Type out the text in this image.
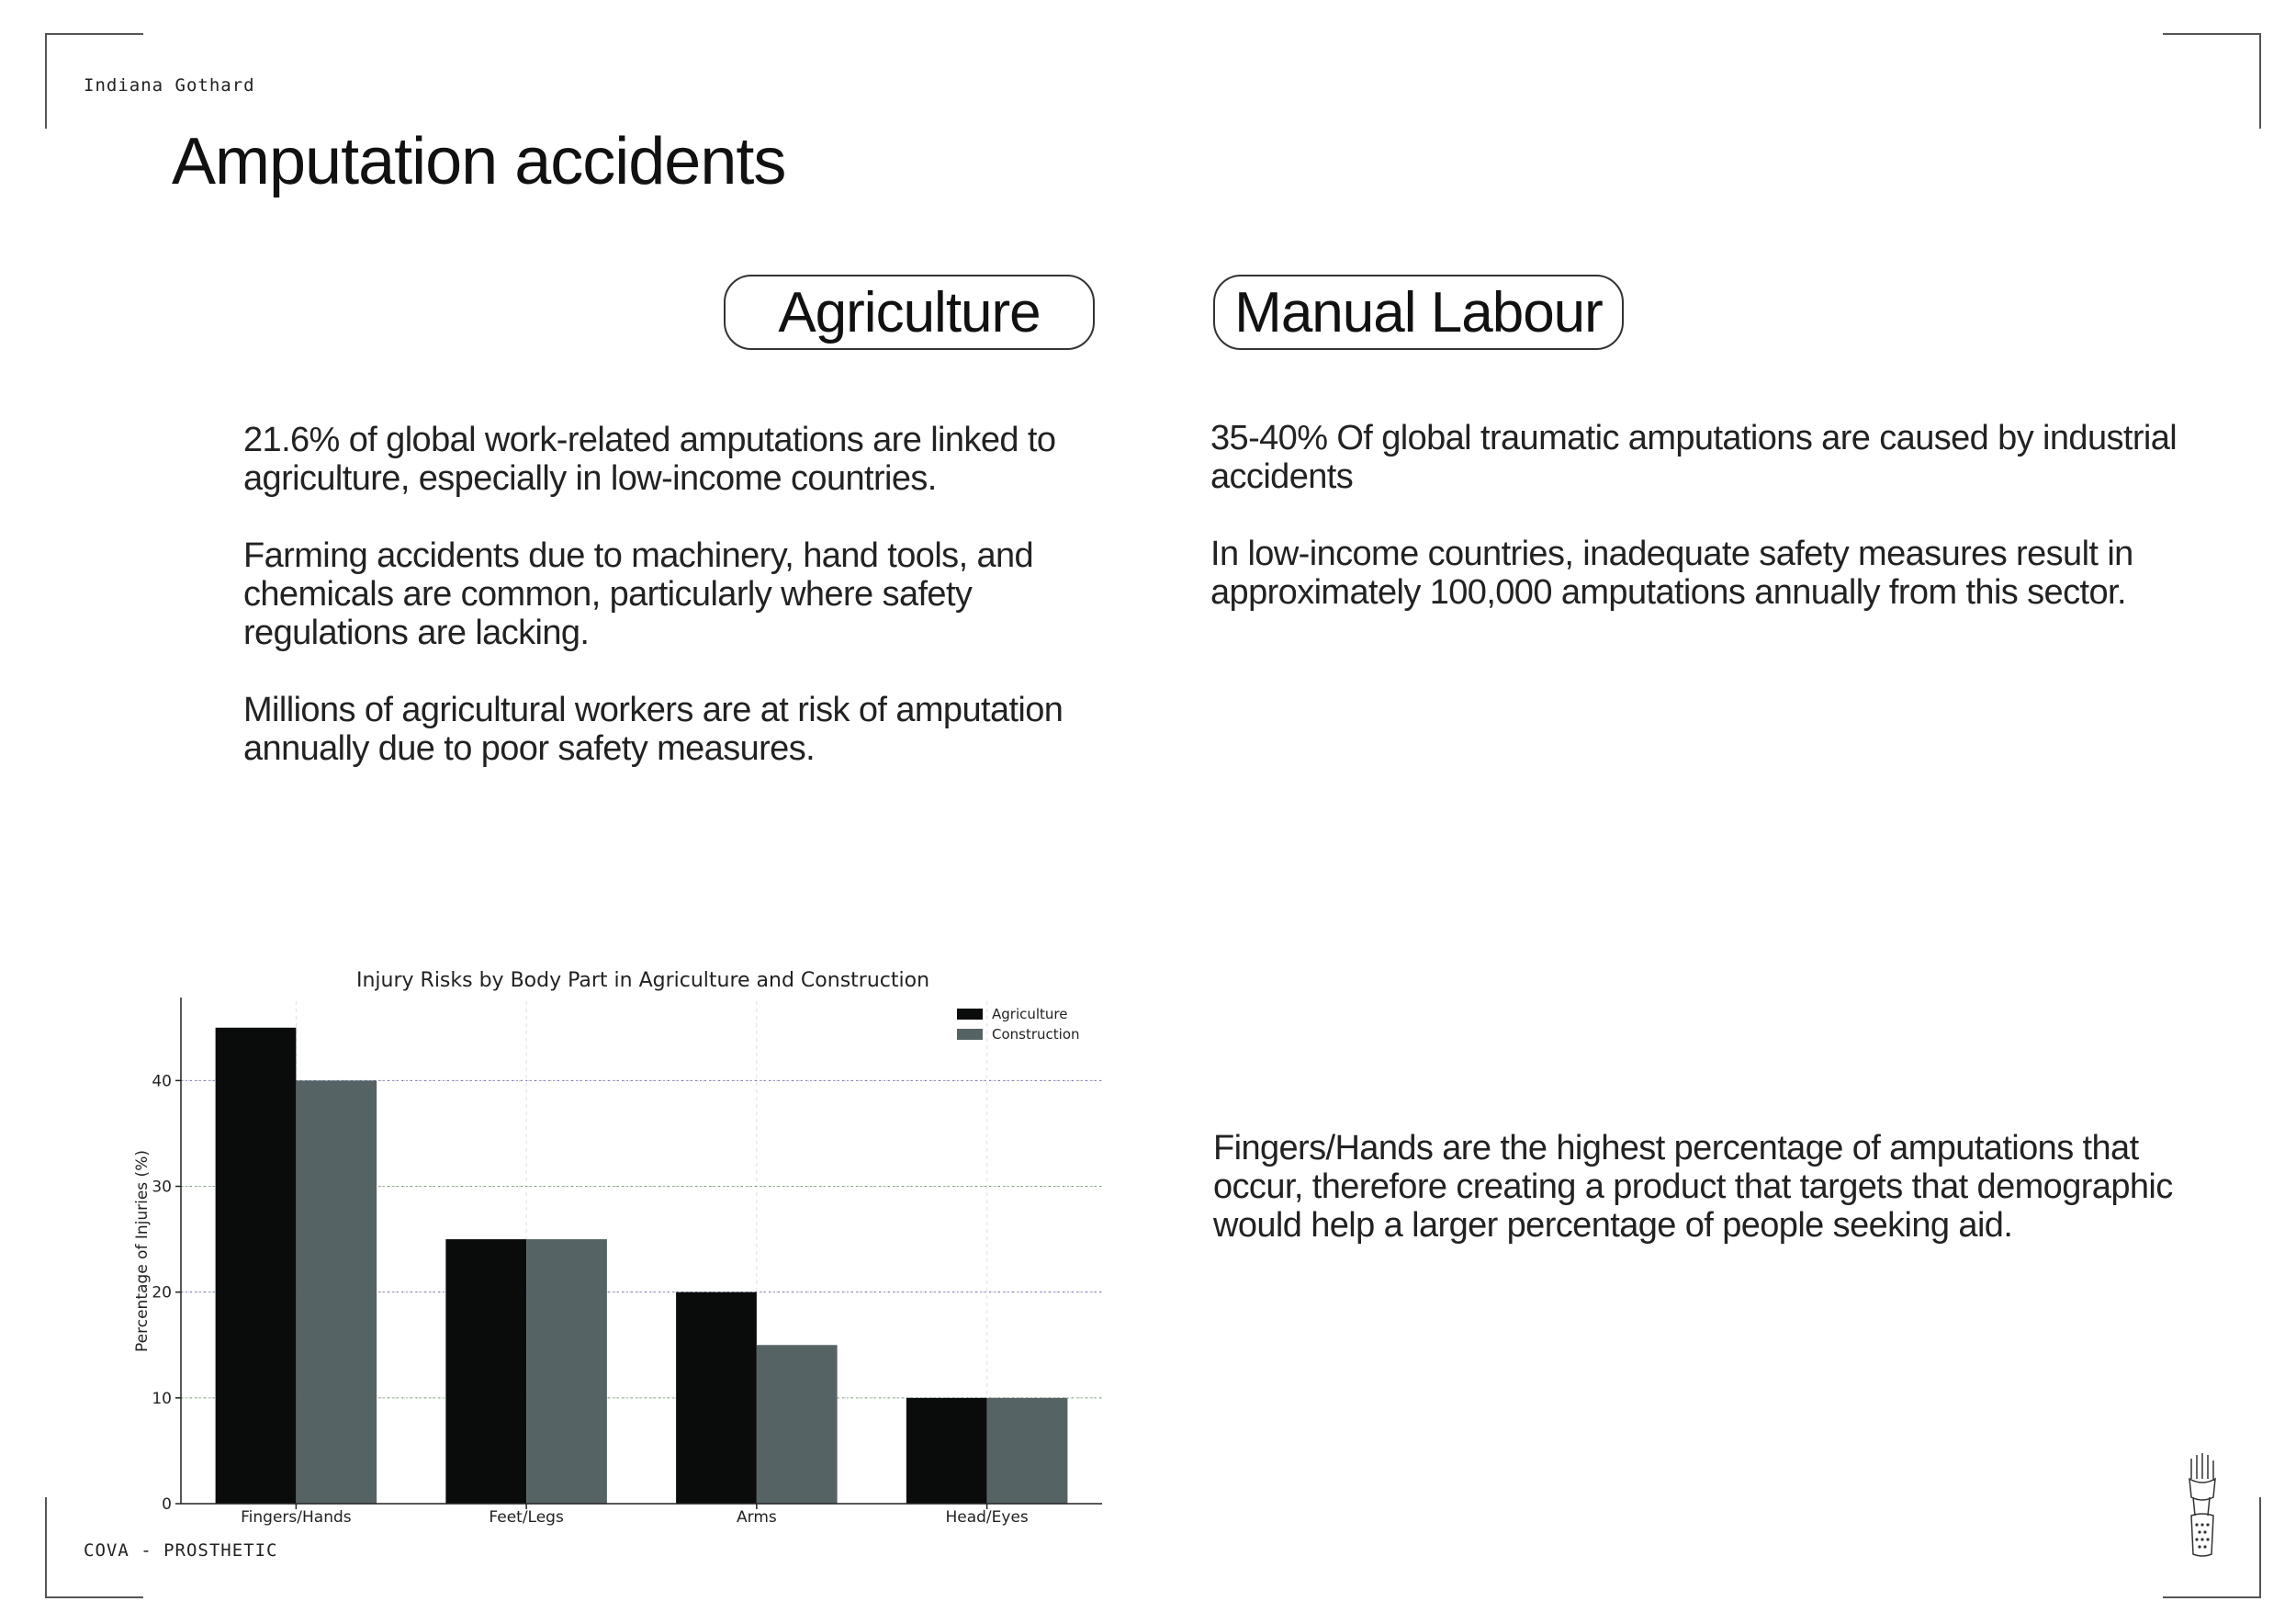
Indiana Gothard
Amputation accidents
Agriculture	Manual Labour

21.6% of global work-related amputations are linked to agriculture, especially in low-income countries.

Farming accidents due to machinery, hand tools, and chemicals are common, particularly where safety regulations are lacking.

Millions of agricultural workers are at risk of amputation annually due to poor safety measures.

35-40% Of global traumatic amputations are caused by industrial accidents

In low-income countries, inadequate safety measures result in approximately 100,000 amputations annually from this sector.

Fingers/Hands are the highest percentage of amputations that occur, therefore creating a product that targets that demographic would help a larger percentage of people seeking aid.

Injury Risks by Body Part in Agriculture and Construction
Percentage of Injuries (%)
0
10
20
30
40
Fingers/Hands	Feet/Legs	Arms	Head/Eyes
Agriculture
Construction
COVA - PROSTHETIC
